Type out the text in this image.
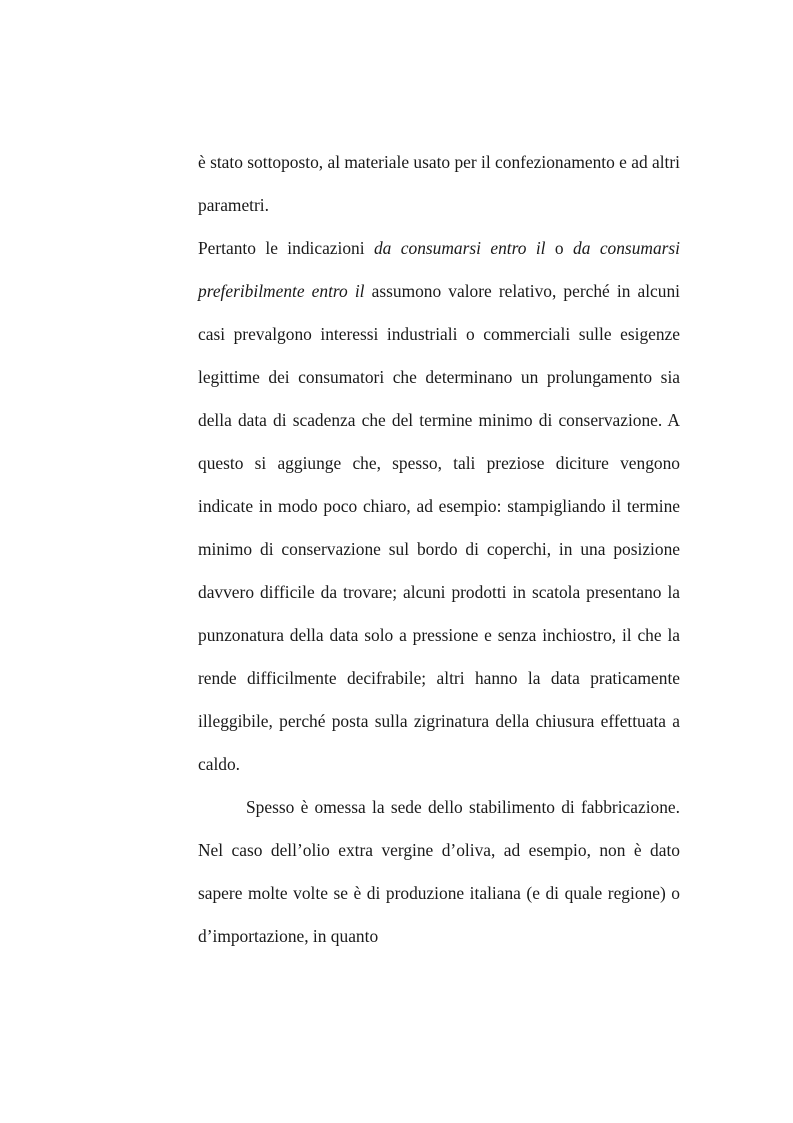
è stato sottoposto, al materiale usato per il confezionamento e ad altri parametri.

Pertanto le indicazioni da consumarsi entro il o da consumarsi preferibilmente entro il assumono valore relativo, perché in alcuni casi prevalgono interessi industriali o commerciali sulle esigenze legittime dei consumatori che determinano un prolungamento sia della data di scadenza che del termine minimo di conservazione. A questo si aggiunge che, spesso, tali preziose diciture vengono indicate in modo poco chiaro, ad esempio: stampigliando il termine minimo di conservazione sul bordo di coperchi, in una posizione davvero difficile da trovare; alcuni prodotti in scatola presentano la punzonatura della data solo a pressione e senza inchiostro, il che la rende difficilmente decifrabile; altri hanno la data praticamente illeggibile, perché posta sulla zigrinatura della chiusura effettuata a caldo.

Spesso è omessa la sede dello stabilimento di fabbricazione. Nel caso dell’olio extra vergine d’oliva, ad esempio, non è dato sapere molte volte se è di produzione italiana (e di quale regione) o d’importazione, in quanto
